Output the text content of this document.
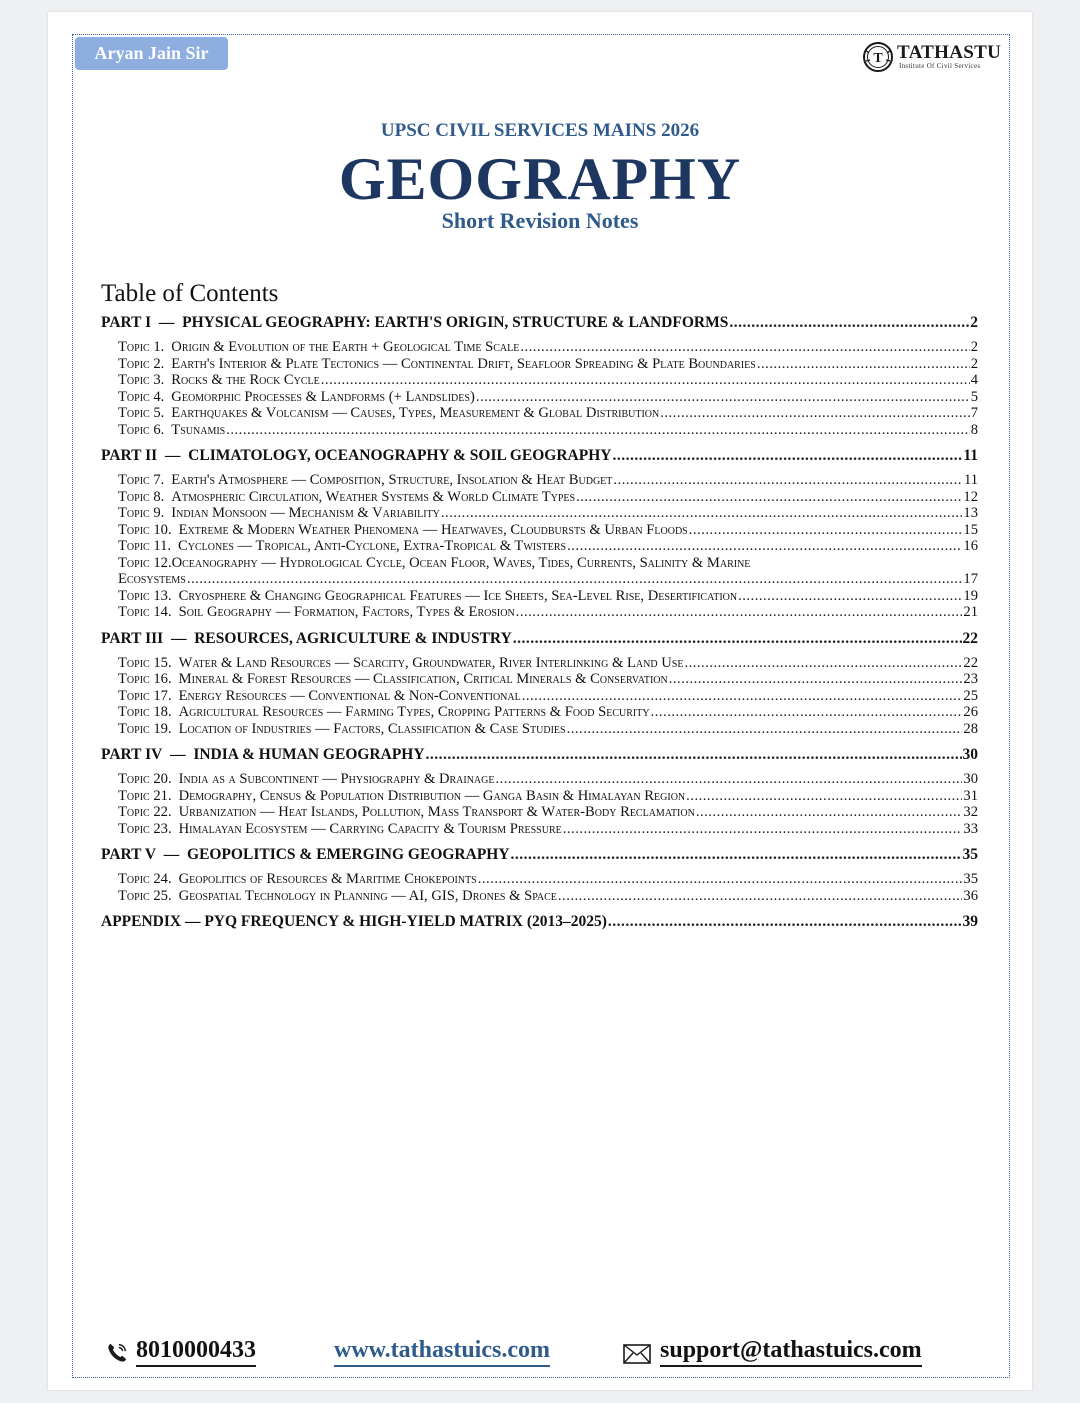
Aryan Jain Sir	T TATHASTU
Institute Of Civil Services
UPSC CIVIL SERVICES MAINS 2026
GEOGRAPHY
Short Revision Notes
Table of Contents
PART I — PHYSICAL GEOGRAPHY: EARTH'S ORIGIN, STRUCTURE & LANDFORMS .....	2
Topic 1. Origin & Evolution of the Earth + Geological Time Scale .....	2
Topic 2. Earth's Interior & Plate Tectonics — Continental Drift, Seafloor Spreading & Plate Boundaries .....	2
Topic 3. Rocks & the Rock Cycle .....	4
Topic 4. Geomorphic Processes & Landforms (+ Landslides) .....	5
Topic 5. Earthquakes & Volcanism — Causes, Types, Measurement & Global Distribution .....	7
Topic 6. Tsunamis .....	8
PART II — CLIMATOLOGY, OCEANOGRAPHY & SOIL GEOGRAPHY .....	11
Topic 7. Earth's Atmosphere — Composition, Structure, Insolation & Heat Budget .....	11
Topic 8. Atmospheric Circulation, Weather Systems & World Climate Types .....	12
Topic 9. Indian Monsoon — Mechanism & Variability .....	13
Topic 10. Extreme & Modern Weather Phenomena — Heatwaves, Cloudbursts & Urban Floods .....	15
Topic 11. Cyclones — Tropical, Anti-Cyclone, Extra-Tropical & Twisters .....	16
Topic 12.Oceanography — Hydrological Cycle, Ocean Floor, Waves, Tides, Currents, Salinity & Marine
Ecosystems .....	17
Topic 13. Cryosphere & Changing Geographical Features — Ice Sheets, Sea-Level Rise, Desertification .....	19
Topic 14. Soil Geography — Formation, Factors, Types & Erosion .....	21
PART III — RESOURCES, AGRICULTURE & INDUSTRY .....	22
Topic 15. Water & Land Resources — Scarcity, Groundwater, River Interlinking & Land Use .....	22
Topic 16. Mineral & Forest Resources — Classification, Critical Minerals & Conservation .....	23
Topic 17. Energy Resources — Conventional & Non-Conventional .....	25
Topic 18. Agricultural Resources — Farming Types, Cropping Patterns & Food Security .....	26
Topic 19. Location of Industries — Factors, Classification & Case Studies .....	28
PART IV — INDIA & HUMAN GEOGRAPHY .....	30
Topic 20. India as a Subcontinent — Physiography & Drainage .....	30
Topic 21. Demography, Census & Population Distribution — Ganga Basin & Himalayan Region .....	31
Topic 22. Urbanization — Heat Islands, Pollution, Mass Transport & Water-Body Reclamation .....	32
Topic 23. Himalayan Ecosystem — Carrying Capacity & Tourism Pressure .....	33
PART V — GEOPOLITICS & EMERGING GEOGRAPHY .....	35
Topic 24. Geopolitics of Resources & Maritime Chokepoints .....	35
Topic 25. Geospatial Technology in Planning — AI, GIS, Drones & Space .....	36
APPENDIX — PYQ FREQUENCY & HIGH-YIELD MATRIX (2013–2025) .....	39
8010000433	www.tathastuics.com	support@tathastuics.com
